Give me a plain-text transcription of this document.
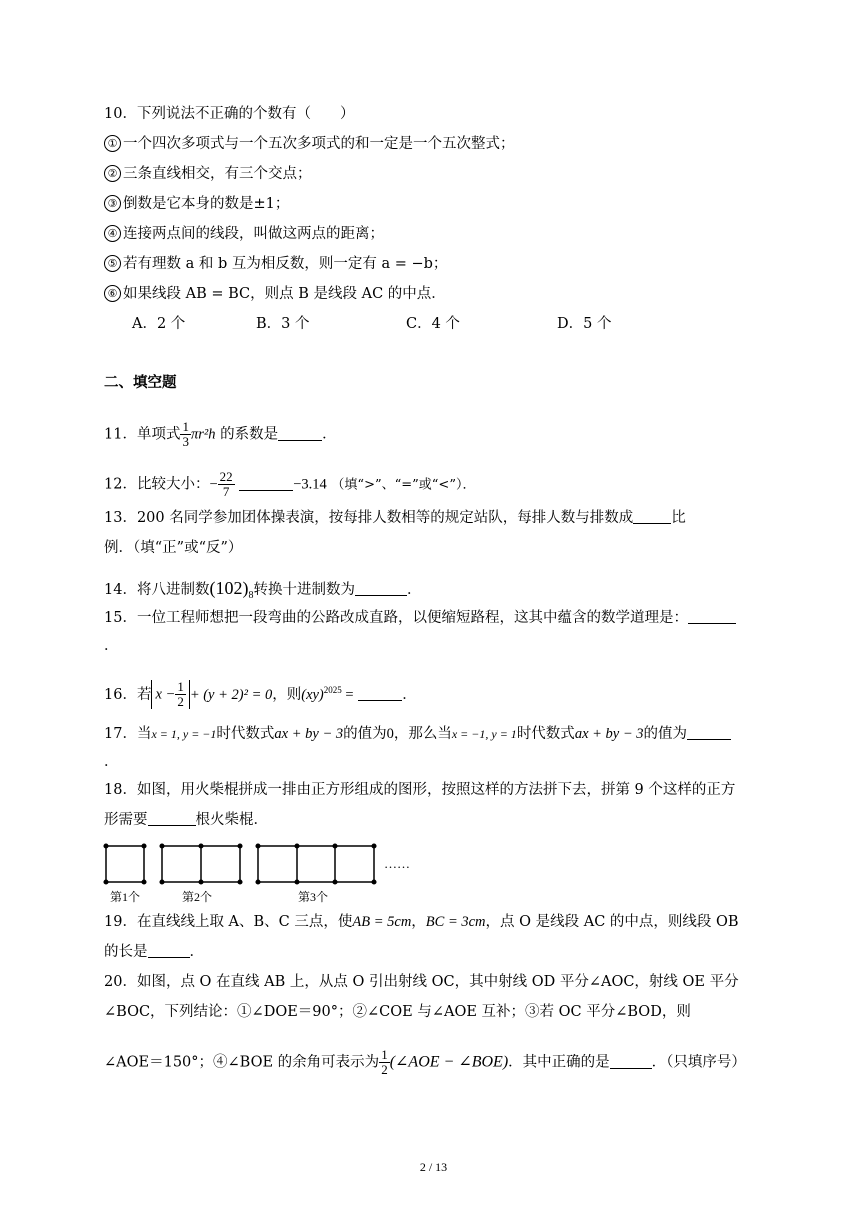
10．下列说法不正确的个数有（　　）
① 一个四次多项式与一个五次多项式的和一定是一个五次整式；
② 三条直线相交，有三个交点；
③ 倒数是它本身的数是±1；
④ 连接两点间的线段，叫做这两点的距离；
⑤ 若有理数 a 和 b 互为相反数，则一定有 a = −b；
⑥ 如果线段 AB = BC，则点 B 是线段 AC 的中点．
A．2 个	B．3 个	C．4 个	D．5 个
二、填空题
11．单项式 $\frac{1}{3} \pi r^2h$ 的系数是	．
12．比较大小：− $\frac{22}{7}$	−3.14 （填“>”、“=”或“<”）．
13．200 名同学参加团体操表演，按每排人数相等的规定站队，每排人数与排数成	比
例．（填“正”或“反”）
14．将八进制数$(102)_8$转换十进制数为	．
15．一位工程师想把一段弯曲的公路改成直路，以便缩短路程，这其中蕴含的数学道理是：
．
16．若 $x - \frac{1}{2} + (y + 2)^2 = 0$，则(xy)$^{2025}$ =	．
17．当x = 1, y = −1时代数式ax + by − 3的值为0，那么当x = −1, y = 1时代数式ax + by − 3的值为
．
18．如图，用火柴棍拼成一排由正方形组成的图形，按照这样的方法拼下去，拼第 9 个这样的正方
形需要	根火柴棍．
第1个	第2个	第3个
……
19．在直线线上取 A、B、C 三点，使AB = 5cm，BC = 3cm，点 O 是线段 AC 的中点，则线段 OB
的长是	．
20．如图，点 O 在直线 AB 上，从点 O 引出射线 OC，其中射线 OD 平分∠AOC，射线 OE 平分
∠BOC，下列结论：①∠DOE＝90°；②∠COE 与∠AOE 互补；③若 OC 平分∠BOD，则
∠AOE＝150°；④∠BOE 的余角可表示为 $\frac{1}{2}$ (∠AOE − ∠BOE)．其中正确的是	．（只填序号）
2 / 13
